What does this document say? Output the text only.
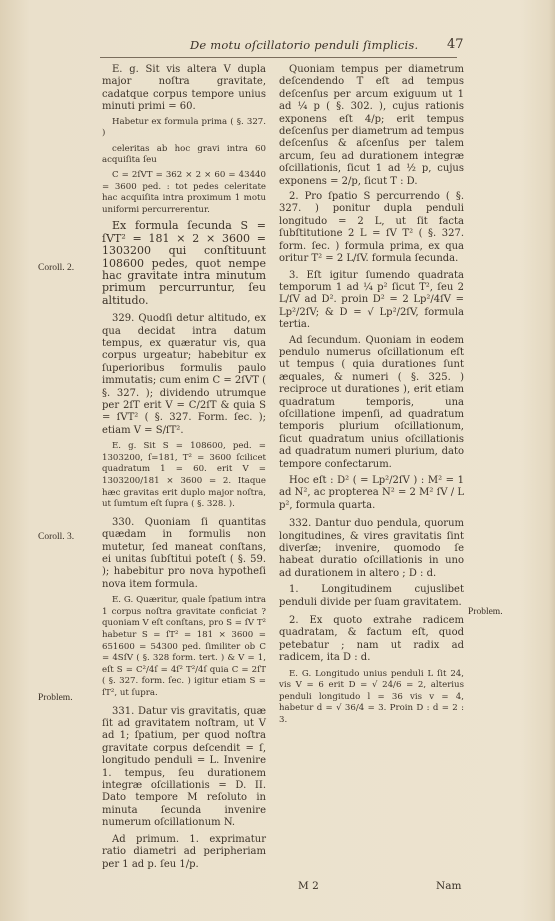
De motu oſcillatorio penduli ſimplicis. 47
Coroll. 2.
Coroll. 3.
Problem.
Problem.

E. g. Sit vis altera V dupla major noſtra gravitate, cadatque corpus tempore unius minuti primi = 60.

Habetur ex formula prima ( §. 327. )

celeritas ab hoc gravi intra 60 acquiſita ſeu

C = 2ſVT = 362 × 2 × 60 = 43440 = 3600 ped. : tot pedes celeritate hac acquiſita intra proximum 1 motu uniformi percurrerentur.

Ex formula ſecunda S = ſVT² = 181 × 2 × 3600 = 1303200 qui conſtituunt 108600 pedes, quot nempe hac gravitate intra minutum primum percurruntur, ſeu altitudo.

329. Quodſi detur altitudo, ex qua decidat intra datum tempus, ex quæratur vis, qua corpus urgeatur; habebitur ex ſuperioribus formulis paulo immutatis; cum enim C = 2ſVT ( §. 327. ); dividendo utrumque per 2ſT erit V = C/2ſT & quia S = ſVT² ( §. 327. Form. ſec. ); etiam V = S/ſT².

E. g. Sit S = 108600, ped. = 1303200, ſ=181, T² = 3600 ſcilicet quadratum 1 = 60. erit V = 1303200/181 × 3600 = 2. Itaque hæc gravitas erit duplo major noſtra, ut ſumtum eſt ſupra ( §. 328. ).

330. Quoniam ſi quantitas quædam in formulis non mutetur, ſed maneat conſtans, ei unitas ſubſtitui poteſt ( §. 59. ); habebitur pro nova hypotheſi nova item formula.

E. G. Quæritur, quale ſpatium intra 1 corpus noſtra gravitate conficiat ? quoniam V eſt conſtans, pro S = ſV T² habetur S = ſT² = 181 × 3600 = 651600 = 54300 ped. ſimiliter ob C = 4SſV ( §. 328 form. tert. ) & V = 1, eſt S = C²/4ſ = 4ſ² T²/4ſ quia C = 2ſT ( §. 327. form. ſec. ) igitur etiam S = ſT², ut ſupra.

331. Datur vis gravitatis, quæ ſit ad gravitatem noſtram, ut V ad 1; ſpatium, per quod noſtra gravitate corpus deſcendit = ſ, longitudo penduli = L. Invenire 1. tempus, ſeu durationem integræ oſcillationis = D. II. Dato tempore M reſoluto in minuta ſecunda invenire numerum oſcillationum N.

Ad primum. 1. exprimatur ratio diametri ad peripheriam per 1 ad p. ſeu 1/p.

Quoniam tempus per diametrum deſcendendo T eſt ad tempus deſcenſus per arcum exiguum ut 1 ad ¼ p ( §. 302. ), cujus rationis exponens eſt 4/p; erit tempus deſcenſus per diametrum ad tempus deſcenſus & aſcenſus per talem arcum, ſeu ad durationem integræ oſcillationis, ſicut 1 ad ½ p, cujus exponens = 2/p, ſicut T : D.

2. Pro ſpatio S percurrendo ( §. 327. ) ponitur dupla penduli longitudo = 2 L, ut ſit facta ſubſtitutione 2 L = ſV T² ( §. 327. form. ſec. ) formula prima, ex qua oritur T² = 2 L/ſV. formula ſecunda.

3. Eſt igitur ſumendo quadrata temporum 1 ad ¼ p² ſicut T², ſeu 2 L/ſV ad D². proin D² = 2 Lp²/4ſV = Lp²/2ſV; & D = √ Lp²/2ſV, formula tertia.

Ad ſecundum. Quoniam in eodem pendulo numerus oſcillationum eſt ut tempus ( quia durationes ſunt æquales, & numeri ( §. 325. ) reciproce ut durationes ), erit etiam quadratum temporis, una oſcillatione impenſi, ad quadratum temporis plurium oſcillationum, ſicut quadratum unius oſcillationis ad quadratum numeri plurium, dato tempore confectarum.

Hoc eſt : D² ( = Lp²/2ſV ) : M² = 1 ad N², ac propterea N² = 2 M² ſV / L p², formula quarta.

332. Dantur duo pendula, quorum longitudines, & vires gravitatis ſint diverſæ; invenire, quomodo ſe habeat duratio oſcillationis in uno ad durationem in altero ; D : d.

1. Longitudinem cujuslibet penduli divide per ſuam gravitatem.

2. Ex quoto extrahe radicem quadratam, & factum eſt, quod petebatur ; nam ut radix ad radicem, ita D : d.

E. G. Longitudo unius penduli L ſit 24, vis V = 6 erit D = √ 24/6 = 2, alterius penduli longitudo l = 36 vis v = 4, habetur d = √ 36/4 = 3. Proin D : d = 2 : 3.

M 2	Nam
